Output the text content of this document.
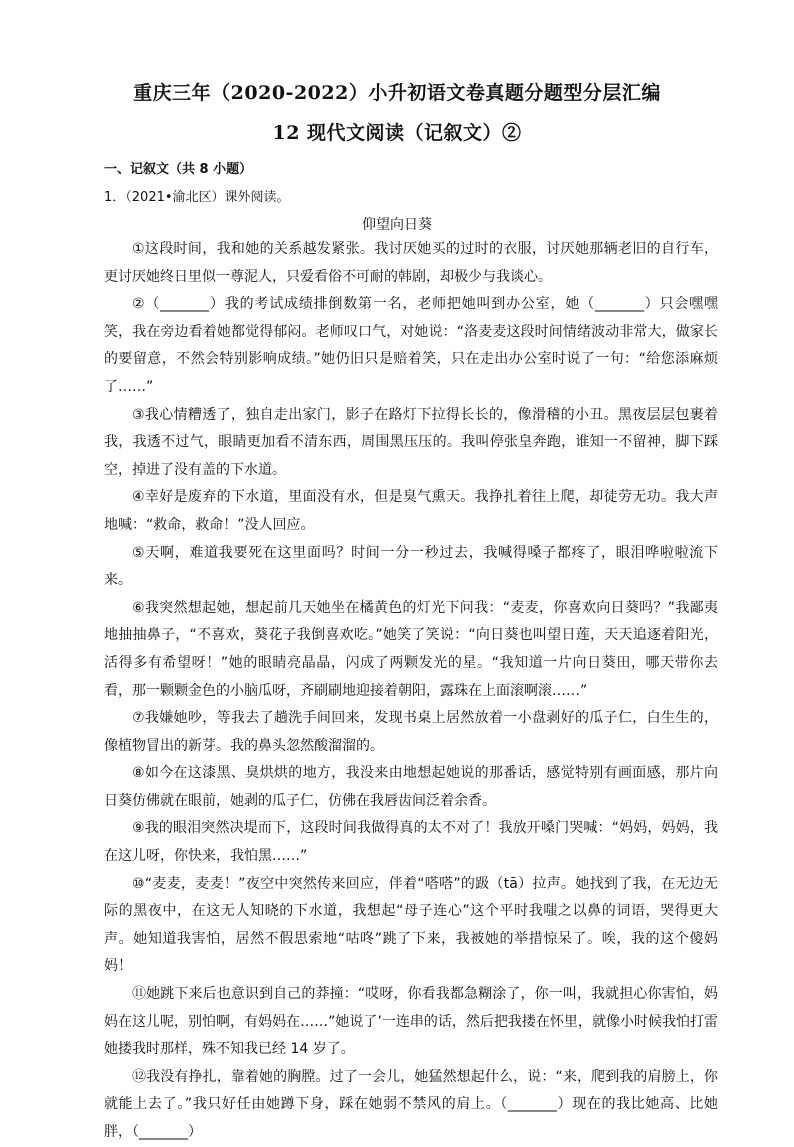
重庆三年（2020-2022）小升初语文卷真题分题型分层汇编
12 现代文阅读（记叙文）②
一、记叙文（共 8 小题）
1．（2021•渝北区）课外阅读。
仰望向日葵

①这段时间，我和她的关系越发紧张。我讨厌她买的过时的衣服，讨厌她那辆老旧的自行车，更讨厌她终日里似一尊泥人，只爱看俗不可耐的韩剧，却极少与我谈心。

②（_______）我的考试成绩排倒数第一名，老师把她叫到办公室，她（_______）只会嘿嘿笑，我在旁边看着她都觉得郁闷。老师叹口气，对她说：“洛麦麦这段时间情绪波动非常大，做家长的要留意，不然会特别影响成绩。”她仍旧只是赔着笑，只在走出办公室时说了一句：“给您添麻烦了……”

③我心情糟透了，独自走出家门，影子在路灯下拉得长长的，像滑稽的小丑。黑夜层层包裹着我，我透不过气，眼睛更加看不清东西，周围黑压压的。我叫停张皇奔跑，谁知一不留神，脚下踩空，掉进了没有盖的下水道。

④幸好是废弃的下水道，里面没有水，但是臭气熏天。我挣扎着往上爬，却徒劳无功。我大声地喊：“救命，救命！”没人回应。

⑤天啊，难道我要死在这里面吗？时间一分一秒过去，我喊得嗓子都疼了，眼泪哗啦啦流下来。

⑥我突然想起她，想起前几天她坐在橘黄色的灯光下问我：“麦麦，你喜欢向日葵吗？”我鄙夷地抽抽鼻子，“不喜欢，葵花子我倒喜欢吃。”她笑了笑说：“向日葵也叫望日莲，天天追逐着阳光，活得多有希望呀！”她的眼睛亮晶晶，闪成了两颗发光的星。“我知道一片向日葵田，哪天带你去看，那一颗颗金色的小脑瓜呀，齐刷刷地迎接着朝阳，露珠在上面滚啊滚……”

⑦我嫌她吵，等我去了趟洗手间回来，发现书桌上居然放着一小盘剥好的瓜子仁，白生生的，像植物冒出的新芽。我的鼻头忽然酸溜溜的。

⑧如今在这漆黑、臭烘烘的地方，我没来由地想起她说的那番话，感觉特别有画面感，那片向日葵仿佛就在眼前，她剥的瓜子仁，仿佛在我唇齿间泛着余香。

⑨我的眼泪突然决堤而下，这段时间我做得真的太不对了！我放开嗓门哭喊：“妈妈，妈妈，我在这儿呀，你快来，我怕黑……”

⑩“麦麦，麦麦！”夜空中突然传来回应，伴着“嗒嗒”的趿（tā）拉声。她找到了我，在无边无际的黑夜中，在这无人知晓的下水道，我想起“母子连心”这个平时我嗤之以鼻的词语，哭得更大声。她知道我害怕，居然不假思索地“咕咚”跳了下来，我被她的举措惊呆了。唉，我的这个傻妈妈！

⑪她跳下来后也意识到自己的莽撞：“哎呀，你看我都急糊涂了，你一叫，我就担心你害怕，妈妈在这儿呢，别怕啊，有妈妈在……”她说了’一连串的话，然后把我搂在怀里，就像小时候我怕打雷她搂我时那样，殊不知我已经 14 岁了。

⑫我没有挣扎，靠着她的胸膛。过了一会儿，她猛然想起什么，说：“来，爬到我的肩膀上，你就能上去了。”我只好任由她蹲下身，踩在她弱不禁风的肩上。（_______）现在的我比她高、比她胖，（_______）
